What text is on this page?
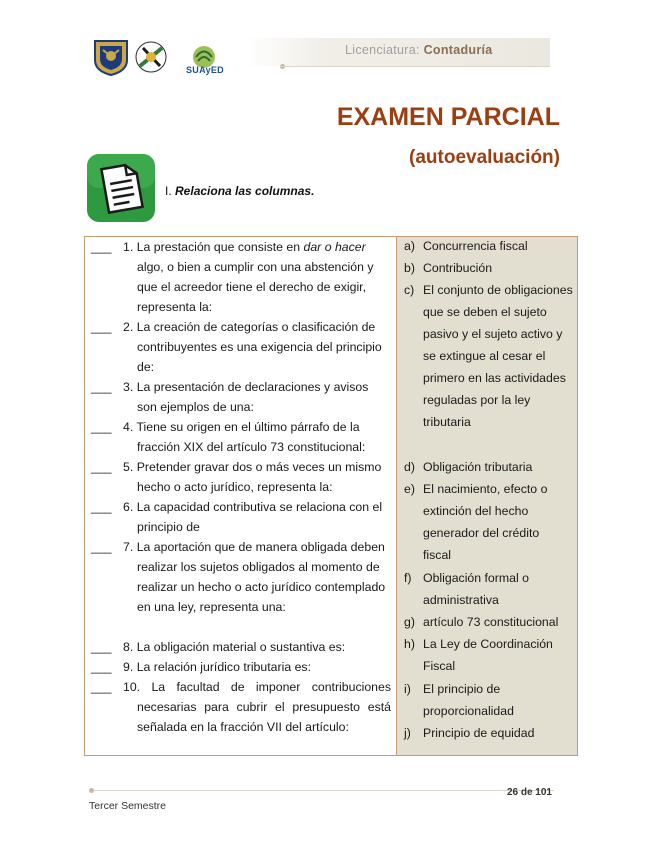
SUAyED
Licenciatura: Contaduría
EXAMEN PARCIAL
(autoevaluación)
I. Relaciona las columnas.
___ 1. La prestación que consiste en dar o hacer algo, o bien a cumplir con una abstención y que el acreedor tiene el derecho de exigir, representa la:
___ 2. La creación de categorías o clasificación de contribuyentes es una exigencia del principio de:
___ 3. La presentación de declaraciones y avisos son ejemplos de una:
___ 4. Tiene su origen en el último párrafo de la fracción XIX del artículo 73 constitucional:
___ 5. Pretender gravar dos o más veces un mismo hecho o acto jurídico, representa la:
___ 6. La capacidad contributiva se relaciona con el principio de
___ 7. La aportación que de manera obligada deben realizar los sujetos obligados al momento de realizar un hecho o acto jurídico contemplado en una ley, representa una:
___ 8. La obligación material o sustantiva es:
___ 9. La relación jurídico tributaria es:
___ 10. La facultad de imponer contribuciones necesarias para cubrir el presupuesto está señalada en la fracción VII del artículo:
a) Concurrencia fiscal
b) Contribución
c) El conjunto de obligaciones que se deben el sujeto pasivo y el sujeto activo y se extingue al cesar el primero en las actividades reguladas por la ley tributaria
d) Obligación tributaria
e) El nacimiento, efecto o extinción del hecho generador del crédito fiscal
f) Obligación formal o administrativa
g) artículo 73 constitucional
h) La Ley de Coordinación Fiscal
i) El principio de proporcionalidad
j) Principio de equidad
26 de 101
Tercer Semestre
